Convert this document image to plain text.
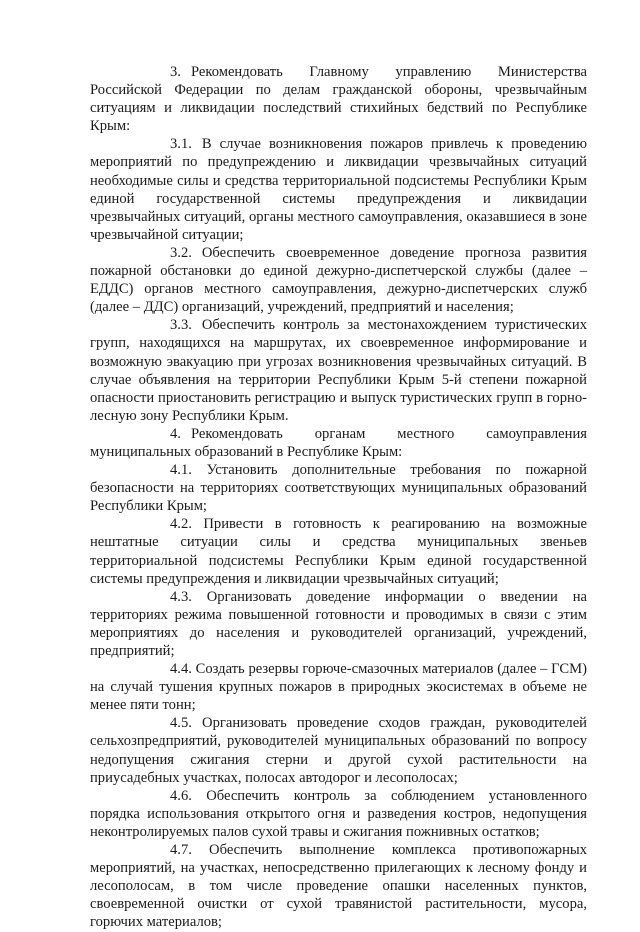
3. Рекомендовать Главному управлению Министерства Российской Федерации по делам гражданской обороны, чрезвычайным ситуациям и ликвидации последствий стихийных бедствий по Республике Крым:

3.1. В случае возникновения пожаров привлечь к проведению мероприятий по предупреждению и ликвидации чрезвычайных ситуаций необходимые силы и средства территориальной подсистемы Республики Крым единой государственной системы предупреждения и ликвидации чрезвычайных ситуаций, органы местного самоуправления, оказавшиеся в зоне чрезвычайной ситуации;

3.2. Обеспечить своевременное доведение прогноза развития пожарной обстановки до единой дежурно-диспетчерской службы (далее – ЕДДС) органов местного самоуправления, дежурно-диспетчерских служб (далее – ДДС) организаций, учреждений, предприятий и населения;

3.3. Обеспечить контроль за местонахождением туристических групп, находящихся на маршрутах, их своевременное информирование и возможную эвакуацию при угрозах возникновения чрезвычайных ситуаций. В случае объявления на территории Республики Крым 5-й степени пожарной опасности приостановить регистрацию и выпуск туристических групп в горно-лесную зону Республики Крым.

4. Рекомендовать органам местного самоуправления муниципальных образований в Республике Крым:

4.1. Установить дополнительные требования по пожарной безопасности на территориях соответствующих муниципальных образований Республики Крым;

4.2. Привести в готовность к реагированию на возможные нештатные ситуации силы и средства муниципальных звеньев территориальной подсистемы Республики Крым единой государственной системы предупреждения и ликвидации чрезвычайных ситуаций;

4.3. Организовать доведение информации о введении на территориях режима повышенной готовности и проводимых в связи с этим мероприятиях до населения и руководителей организаций, учреждений, предприятий;

4.4. Создать резервы горюче-смазочных материалов (далее – ГСМ) на случай тушения крупных пожаров в природных экосистемах в объеме не менее пяти тонн;

4.5. Организовать проведение сходов граждан, руководителей сельхозпредприятий, руководителей муниципальных образований по вопросу недопущения сжигания стерни и другой сухой растительности на приусадебных участках, полосах автодорог и лесополосах;

4.6. Обеспечить контроль за соблюдением установленного порядка использования открытого огня и разведения костров, недопущения неконтролируемых палов сухой травы и сжигания пожнивных остатков;

4.7. Обеспечить выполнение комплекса противопожарных мероприятий, на участках, непосредственно прилегающих к лесному фонду и лесополосам, в том числе проведение опашки населенных пунктов, своевременной очистки от сухой травянистой растительности, мусора, горючих материалов;
